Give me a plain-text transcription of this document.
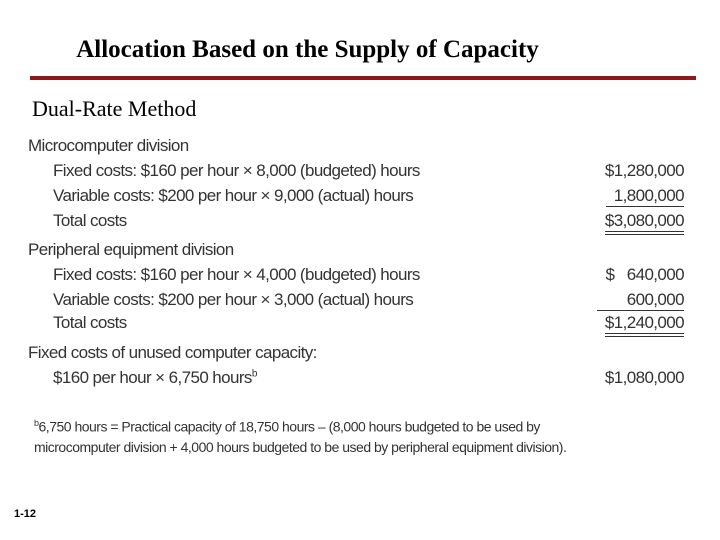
Allocation Based on the Supply of Capacity
Dual-Rate Method
Microcomputer division
Fixed costs: $160 per hour × 8,000 (budgeted) hours	$1,280,000
Variable costs: $200 per hour × 9,000 (actual) hours	1,800,000
Total costs	$3,080,000
Peripheral equipment division
Fixed costs: $160 per hour × 4,000 (budgeted) hours	$   640,000
Variable costs: $200 per hour × 3,000 (actual) hours	600,000
Total costs	$1,240,000
Fixed costs of unused computer capacity:
$160 per hour × 6,750 hours$^b$	$1,080,000
$^b$6,750 hours = Practical capacity of 18,750 hours – (8,000 hours budgeted to be used by
microcomputer division + 4,000 hours budgeted to be used by peripheral equipment division).
1-12
